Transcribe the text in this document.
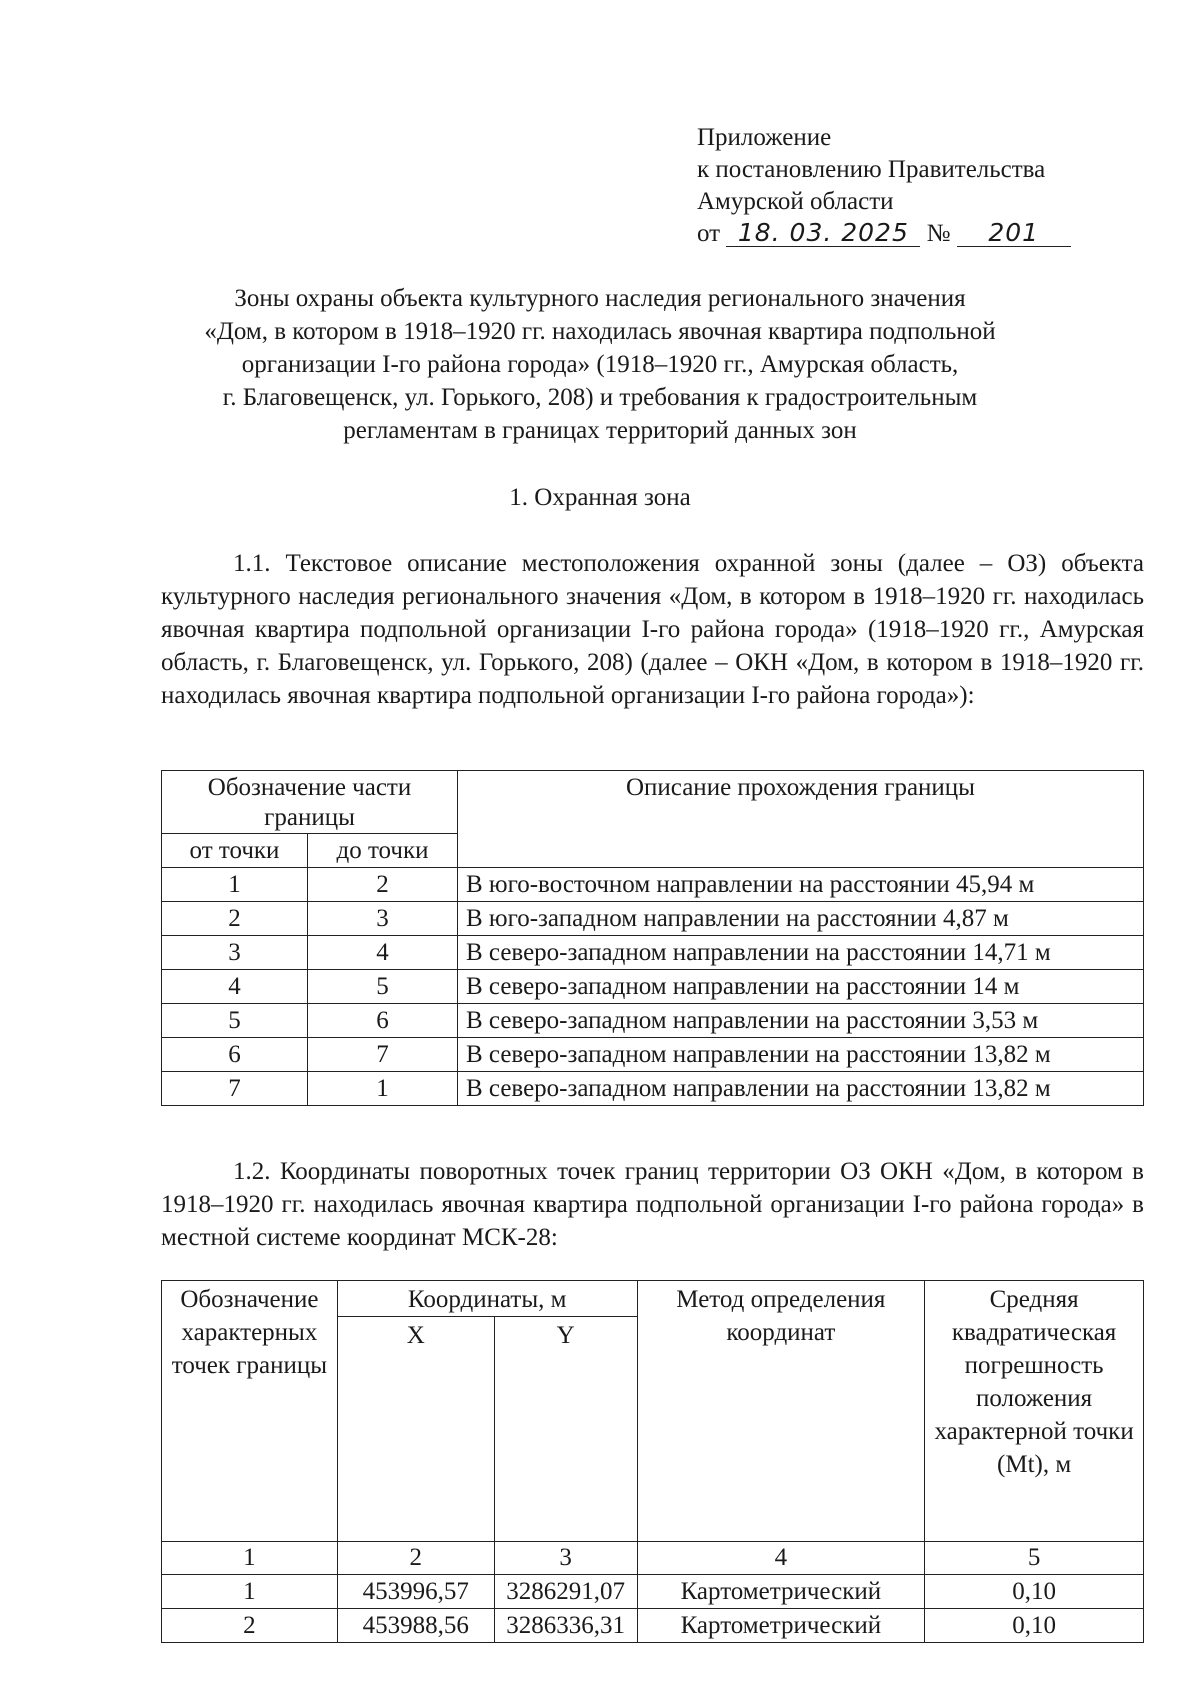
Приложение
к постановлению Правительства
Амурской области
от 18. 03. 2025 № 201
Зоны охраны объекта культурного наследия регионального значения
«Дом, в котором в 1918–1920 гг. находилась явочная квартира подпольной
организации I-го района города» (1918–1920 гг., Амурская область,
г. Благовещенск, ул. Горького, 208) и требования к градостроительным
регламентам в границах территорий данных зон
1. Охранная зона
1.1. Текстовое описание местоположения охранной зоны (далее – ОЗ) объекта культурного наследия регионального значения «Дом, в котором в 1918–1920 гг. находилась явочная квартира подпольной организации I-го района города» (1918–1920 гг., Амурская область, г. Благовещенск, ул. Горького, 208) (далее – ОКН «Дом, в котором в 1918–1920 гг. находилась явочная квартира подпольной организации I-го района города»):
Обозначение части границы		Описание прохождения границы
от точки	до точки	
1	2	В юго-восточном направлении на расстоянии 45,94 м
2	3	В юго-западном направлении на расстоянии 4,87 м
3	4	В северо-западном направлении на расстоянии 14,71 м
4	5	В северо-западном направлении на расстоянии 14 м
5	6	В северо-западном направлении на расстоянии 3,53 м
6	7	В северо-западном направлении на расстоянии 13,82 м
7	1	В северо-западном направлении на расстоянии 13,82 м
1.2. Координаты поворотных точек границ территории ОЗ ОКН «Дом, в котором в 1918–1920 гг. находилась явочная квартира подпольной организации I-го района города» в местной системе координат МСК-28:
Обозначение характерных точек границы	Координаты, м		Метод определения координат	Средняя квадратическая погрешность положения характерной точки (Mt), м
	X	Y		
1	2	3	4	5
1	453996,57	3286291,07	Картометрический	0,10
2	453988,56	3286336,31	Картометрический	0,10
